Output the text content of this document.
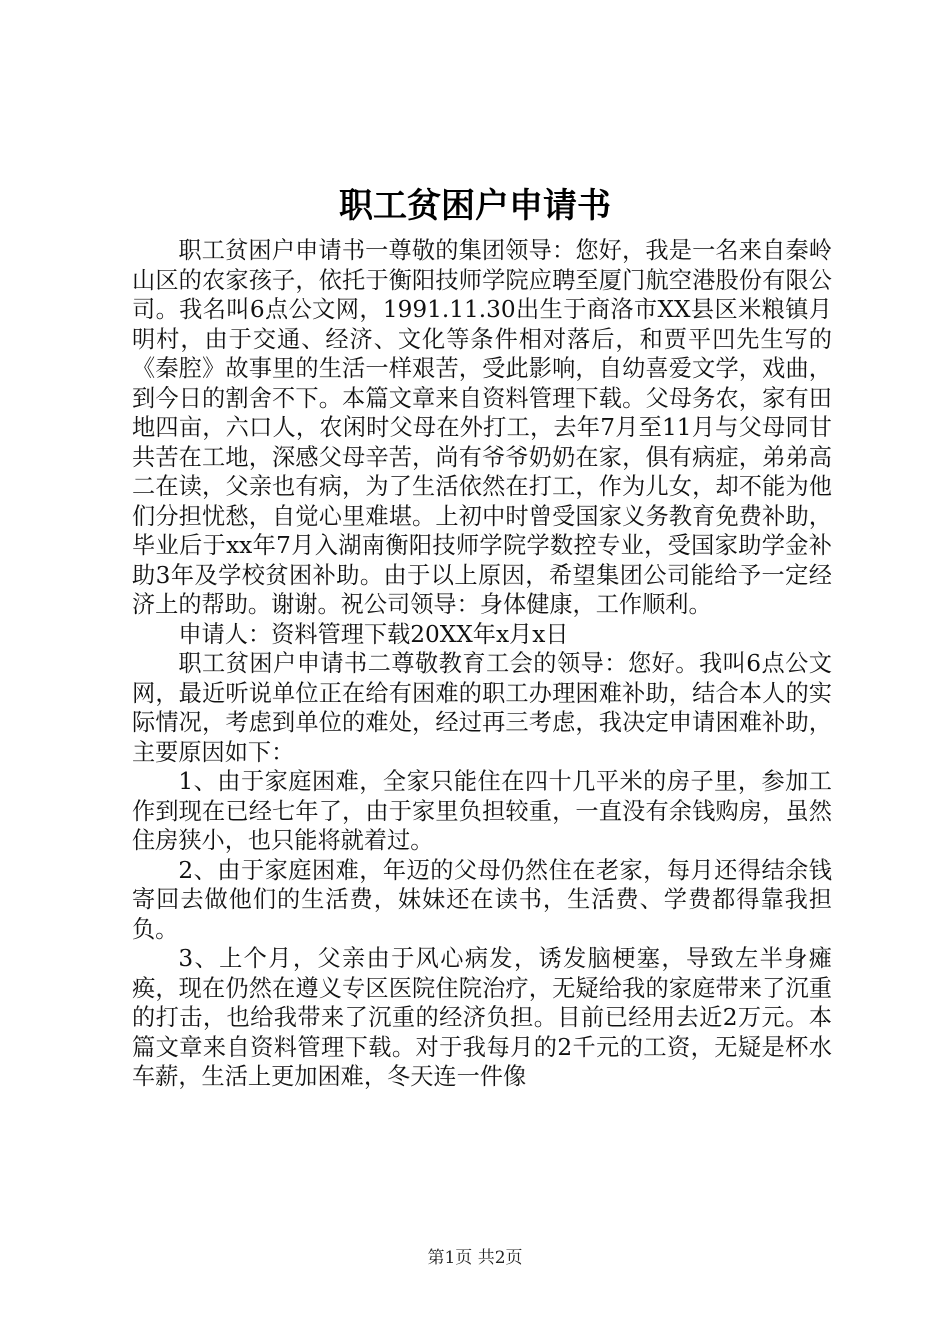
职工贫困户申请书

职工贫困户申请书一尊敬的集团领导：您好，我是一名来自秦岭山区的农家孩子，依托于衡阳技师学院应聘至厦门航空港股份有限公司。我名叫6点公文网，1991.11.30出生于商洛市XX县区米粮镇月明村，由于交通、经济、文化等条件相对落后，和贾平凹先生写的《秦腔》故事里的生活一样艰苦，受此影响，自幼喜爱文学，戏曲，到今日的割舍不下。本篇文章来自资料管理下载。父母务农，家有田地四亩，六口人，农闲时父母在外打工，去年7月至11月与父母同甘共苦在工地，深感父母辛苦，尚有爷爷奶奶在家，俱有病症，弟弟高二在读，父亲也有病，为了生活依然在打工，作为儿女，却不能为他们分担忧愁，自觉心里难堪。上初中时曾受国家义务教育免费补助，毕业后于xx年7月入湖南衡阳技师学院学数控专业，受国家助学金补助3年及学校贫困补助。由于以上原因，希望集团公司能给予一定经济上的帮助。谢谢。祝公司领导：身体健康，工作顺利。

申请人：资料管理下载20XX年x月x日

职工贫困户申请书二尊敬教育工会的领导：您好。我叫6点公文网，最近听说单位正在给有困难的职工办理困难补助，结合本人的实际情况，考虑到单位的难处，经过再三考虑，我决定申请困难补助，主要原因如下：

1、由于家庭困难，全家只能住在四十几平米的房子里，参加工作到现在已经七年了，由于家里负担较重，一直没有余钱购房，虽然住房狭小，也只能将就着过。

2、由于家庭困难，年迈的父母仍然住在老家，每月还得结余钱寄回去做他们的生活费，妹妹还在读书，生活费、学费都得靠我担负。

3、上个月，父亲由于风心病发，诱发脑梗塞，导致左半身瘫痪，现在仍然在遵义专区医院住院治疗，无疑给我的家庭带来了沉重的打击，也给我带来了沉重的经济负担。目前已经用去近2万元。本篇文章来自资料管理下载。对于我每月的2千元的工资，无疑是杯水车薪，生活上更加困难，冬天连一件像

第1页 共2页
